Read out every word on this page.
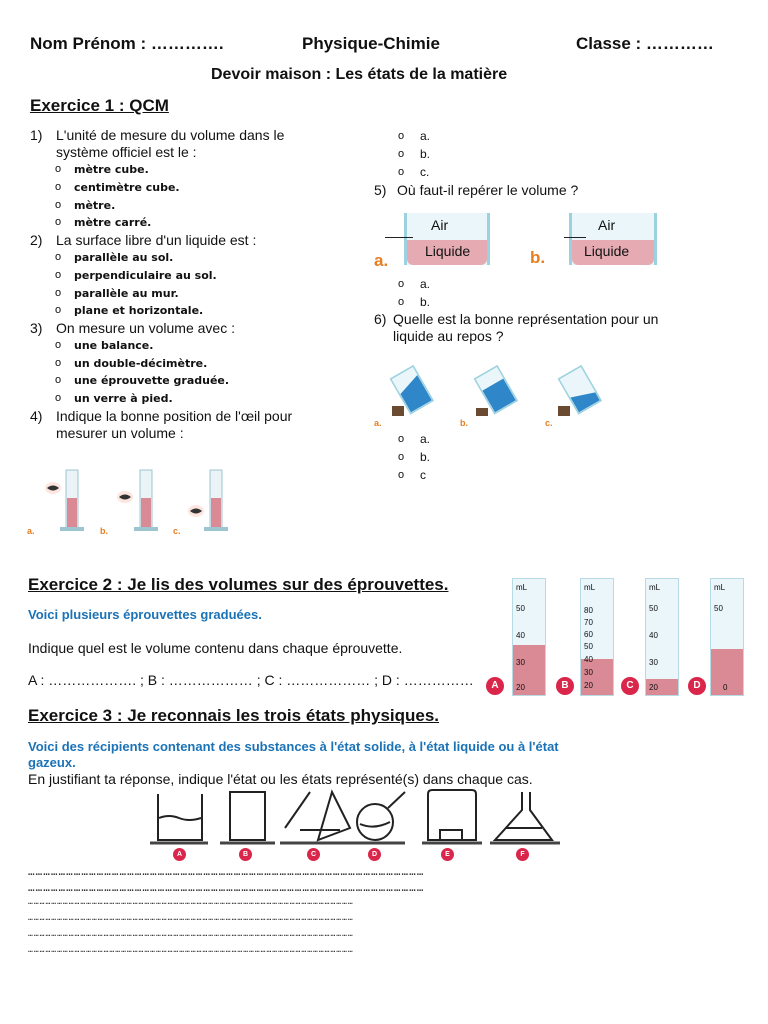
Nom Prénom : ………….	Physique-Chimie	Classe : …………
Devoir maison : Les états de la matière
Exercice 1 : QCM
1) L'unité de mesure du volume dans le
système officiel est le :
o mètre cube.
o centimètre cube.
o mètre.
o mètre carré.
2) La surface libre d'un liquide est :
o parallèle au sol.
o perpendiculaire au sol.
o parallèle au mur.
o plane et horizontale.
3) On mesure un volume avec :
o une balance.
o un double-décimètre.
o une éprouvette graduée.
o un verre à pied.
4) Indique la bonne position de l'œil pour
mesurer un volume :
a.	b.	c.
o a.
o b.
o c.
5) Où faut-il repérer le volume ?
a.
Air
Liquide	b.
Air
Liquide
o a.
o b.
6) Quelle est la bonne représentation pour un
liquide au repos ?
a.	b.	c.
o a.
o b.
o c
Exercice 2 : Je lis des volumes sur des éprouvettes.
Voici plusieurs éprouvettes graduées.
Indique quel est le volume contenu dans chaque éprouvette.
A : ………………. ; B : ……………… ; C : ……………… ; D : ……………
mL
50
40
30
20
A
mL
80
70
60
50
40
30
20
B
mL
50
40
30
20
C
mL
50
0
D
Exercice 3 : Je reconnais les trois états physiques.
Voici des récipients contenant des substances à l'état solide, à l'état liquide ou à l'état
gazeux.
En justifiant ta réponse, indique l'état ou les états représenté(s) dans chaque cas.
A	B	C	D	E	F
…………………………………………………………………………………………………………………………………………
…………………………………………………………………………………………………………………………………………
……………………………………………………………………………………………………………………………………………………
……………………………………………………………………………………………………………………………………………………
……………………………………………………………………………………………………………………………………………………
……………………………………………………………………………………………………………………………………………………
